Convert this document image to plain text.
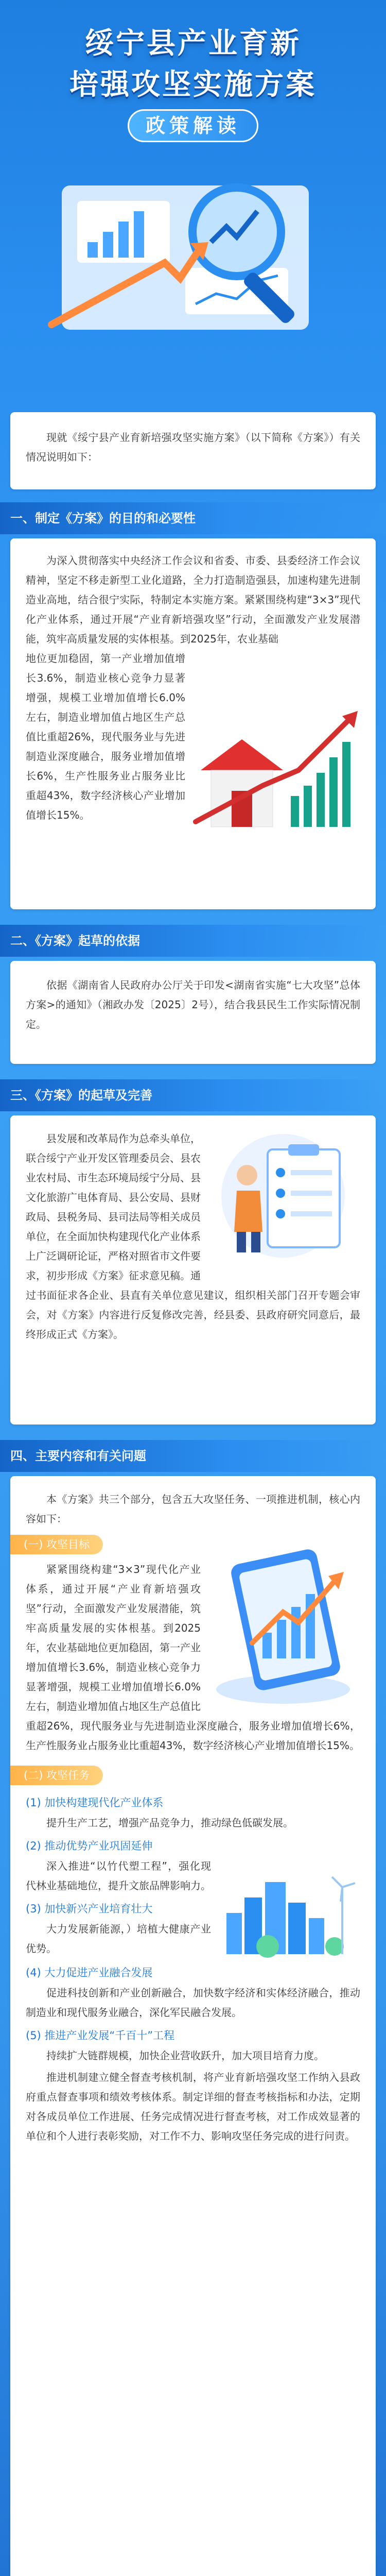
绥宁县产业育新
培强攻坚实施方案
政策解读

现就《绥宁县产业育新培强攻坚实施方案》（以下简称《方案》）有关情况说明如下：

一、制定《方案》的目的和必要性

为深入贯彻落实中央经济工作会议和省委、市委、县委经济工作会议精神，坚定不移走新型工业化道路，全力打造制造强县，加速构建先进制造业高地，结合很宁实际，特制定本实施方案。紧紧围绕构建“3×3”现代化产业体系，通过开展“产业育新培强攻坚”行动，全面激发产业发展潜能，筑牢高质量发展的实体根基。到2025年，农业基础

地位更加稳固，第一产业增加值增长3.6%，制造业核心竞争力显著增强，规模工业增加值增长6.0%左右，制造业增加值占地区生产总值比重超26%，现代服务业与先进制造业深度融合，服务业增加值增长6%，生产性服务业占服务业比重超43%，数字经济核心产业增加值增长15%。

二、《方案》起草的依据

依据《湖南省人民政府办公厅关于印发<湖南省实施“七大攻坚”总体方案>的通知》（湘政办发〔2025〕2号），结合我县民生工作实际情况制定。

三、《方案》的起草及完善

县发展和改革局作为总牵头单位，联合绥宁产业开发区管理委员会、县农业农村局、市生态环境局绥宁分局、县文化旅游广电体育局、县公安局、县财政局、县税务局、县司法局等相关成员单位，在全面加快构建现代化产业体系上广泛调研论证，严格对照省市文件要求，初步形成《方案》征求意见稿。通过书面征求各企业、县直有关单位意见建议，组织相关部门召开专题会审会，对《方案》内容进行反复修改完善，经县委、县政府研究同意后，最终形成正式《方案》。

四、主要内容和有关问题

本《方案》共三个部分，包含五大攻坚任务、一项推进机制，核心内容如下：

(一) 攻坚目标

紧紧围绕构建“3×3”现代化产业体系，通过开展“产业育新培强攻坚”行动，全面激发产业发展潜能，筑牢高质量发展的实体根基。到2025年，农业基础地位更加稳固，第一产业增加值增长3.6%，制造业核心竞争力显著增强，规模工业增加值增长6.0%左右，制造业增加值占地区生产总值比重超26%，现代服务业与先进制造业深度融合，服务业增加值增长6%，生产性服务业占服务业比重超43%，数字经济核心产业增加值增长15%。

(二) 攻坚任务
(1) 加快构建现代化产业体系

提升生产工艺，增强产品竞争力，推动绿色低碳发展。

(2) 推动优势产业巩固延伸

深入推进“以竹代塑工程”，强化现代林业基础地位，提升文旅品牌影响力。

(3) 加快新兴产业培育壮大

大力发展新能源，）培植大健康产业优势。

(4) 大力促进产业融合发展

促进科技创新和产业创新融合，加快数字经济和实体经济融合，推动制造业和现代服务业融合，深化军民融合发展。

(5) 推进产业发展“千百十”工程

持续扩大链群规模，加快企业营收跃升，加大项目培育力度。

推进机制建立健全督查考核机制，将产业育新培强攻坚工作纳入县政府重点督查事项和绩效考核体系。制定详细的督查考核指标和办法，定期对各成员单位工作进展、任务完成情况进行督查考核，对工作成效显著的单位和个人进行表彰奖励，对工作不力、影响攻坚任务完成的进行问责。
